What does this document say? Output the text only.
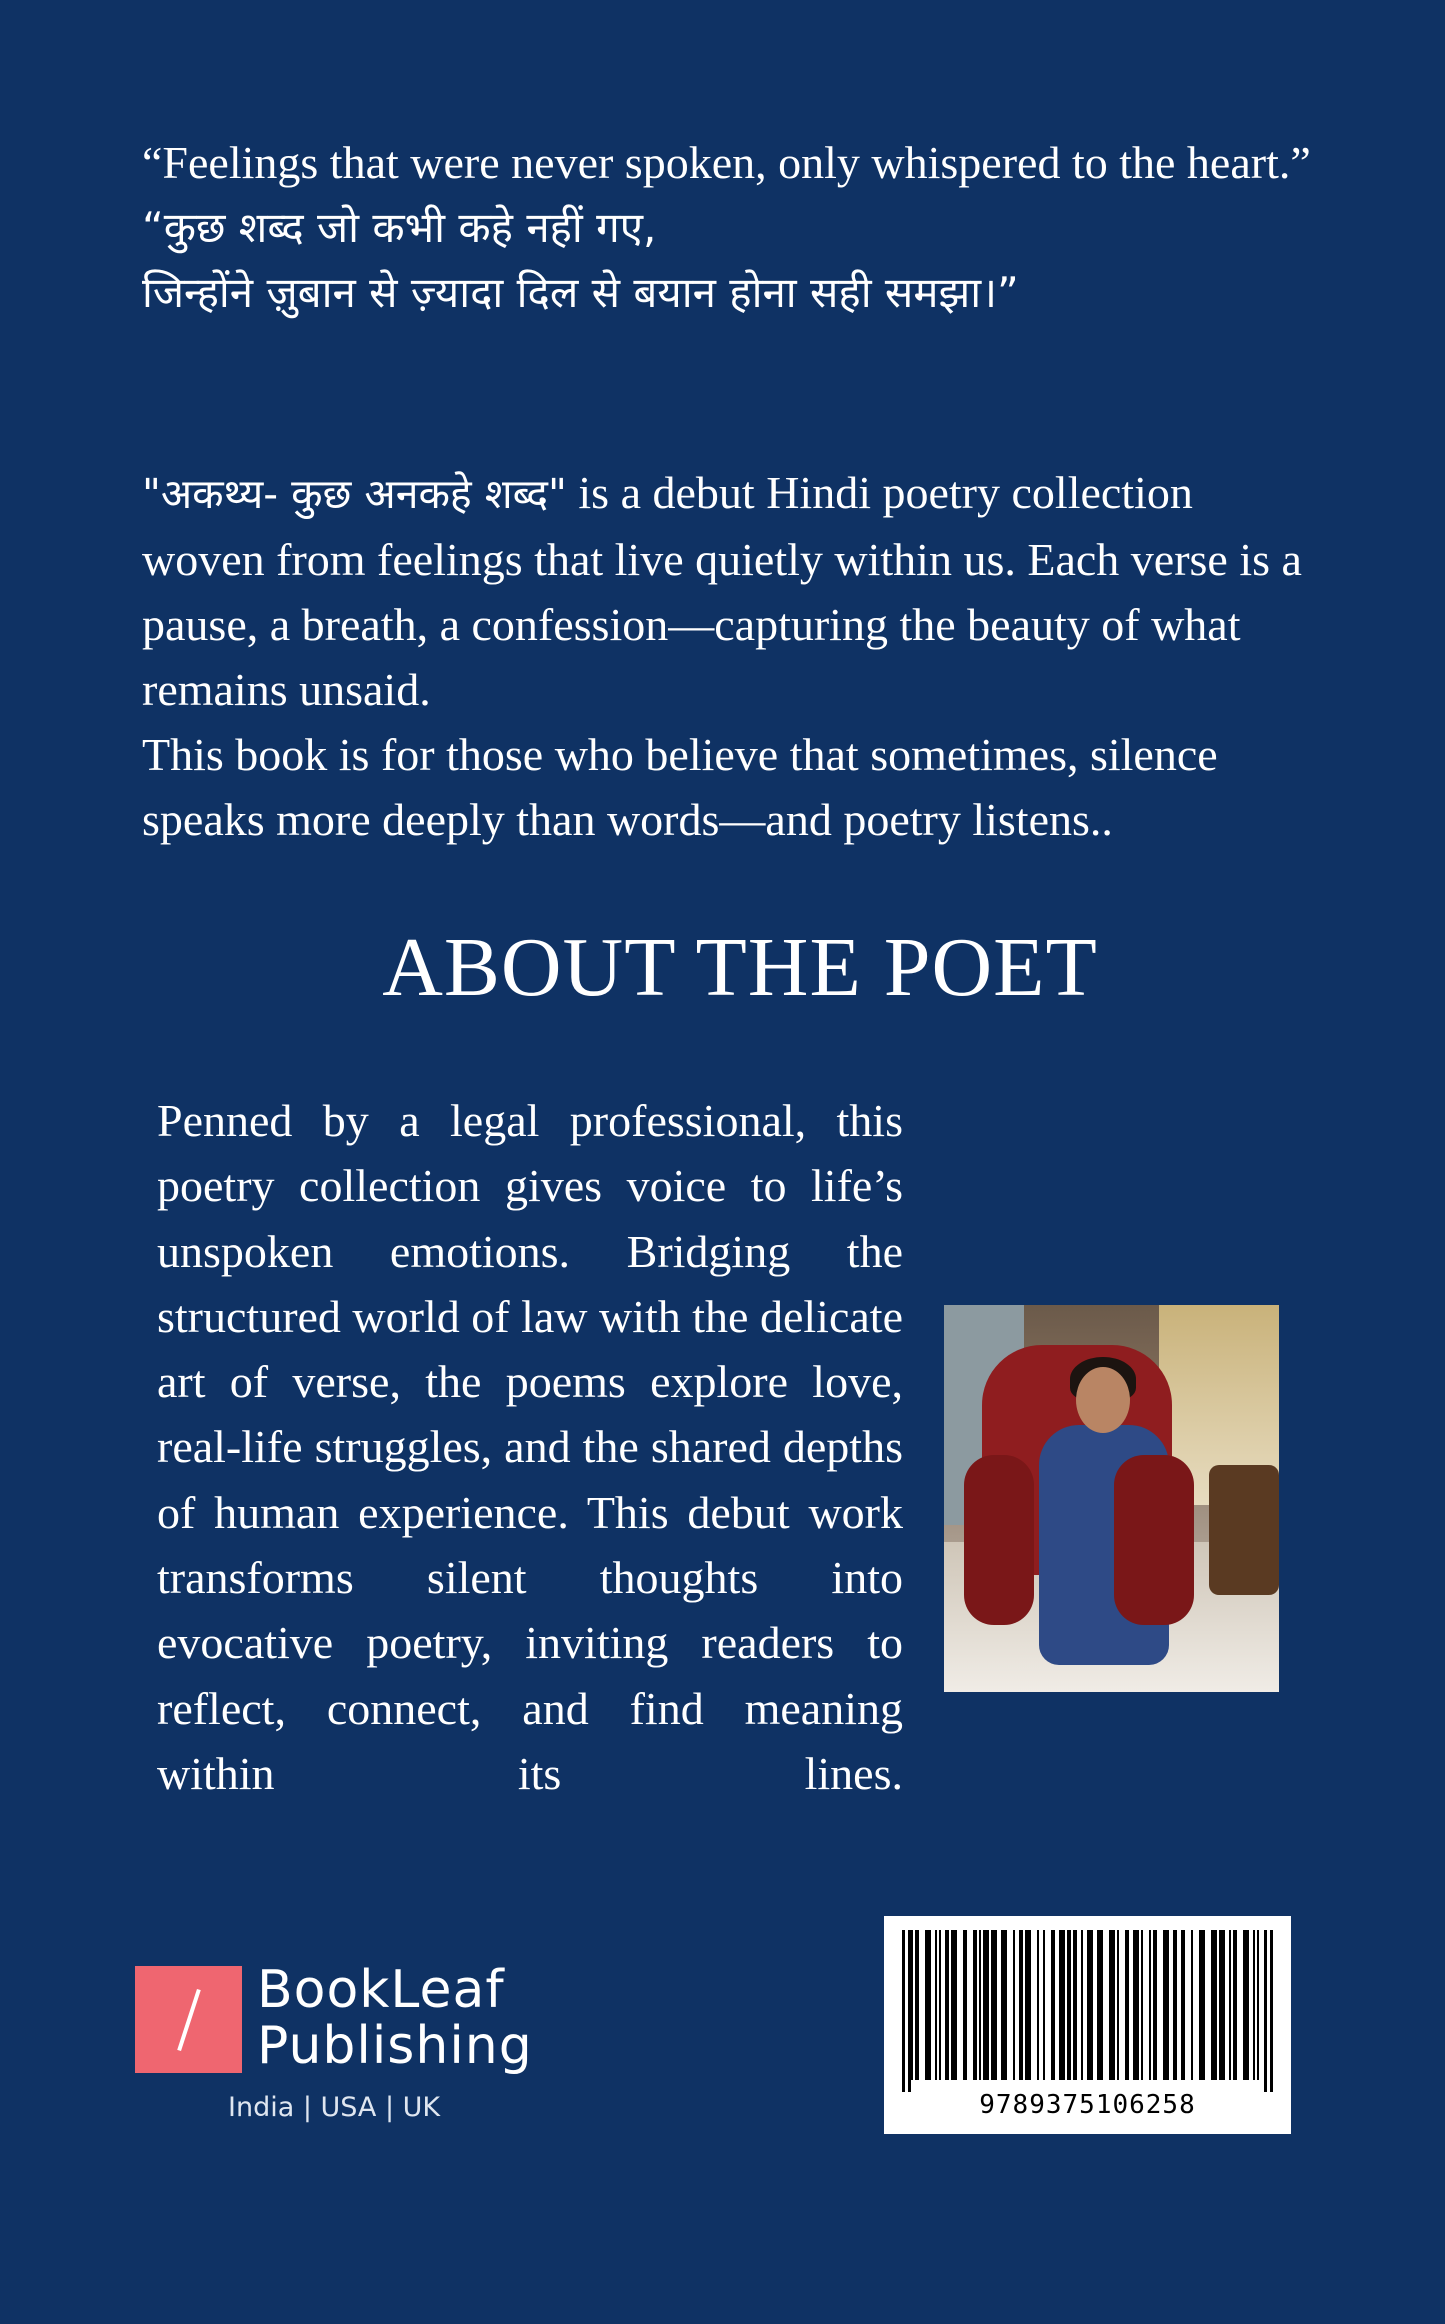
“Feelings that were never spoken, only whispered to the heart.”

“कुछ शब्द जो कभी कहे नहीं गए,

जिन्होंने ज़ुबान से ज़्यादा दिल से बयान होना सही समझा।”

"अकथ्य- कुछ अनकहे शब्द" is a debut Hindi poetry collection woven from feelings that live quietly within us. Each verse is a pause, a breath, a confession—capturing the beauty of what remains unsaid.

This book is for those who believe that sometimes, silence speaks more deeply than words—and poetry listens..

ABOUT THE POET

Penned by a legal professional, this poetry collection gives voice to life’s unspoken emotions. Bridging the structured world of law with the delicate art of verse, the poems explore love, real-life struggles, and the shared depths of human experience. This debut work transforms silent thoughts into evocative poetry, inviting readers to reflect, connect, and find meaning within its lines.

BookLeaf
Publishing
India | USA | UK	9789375106258
